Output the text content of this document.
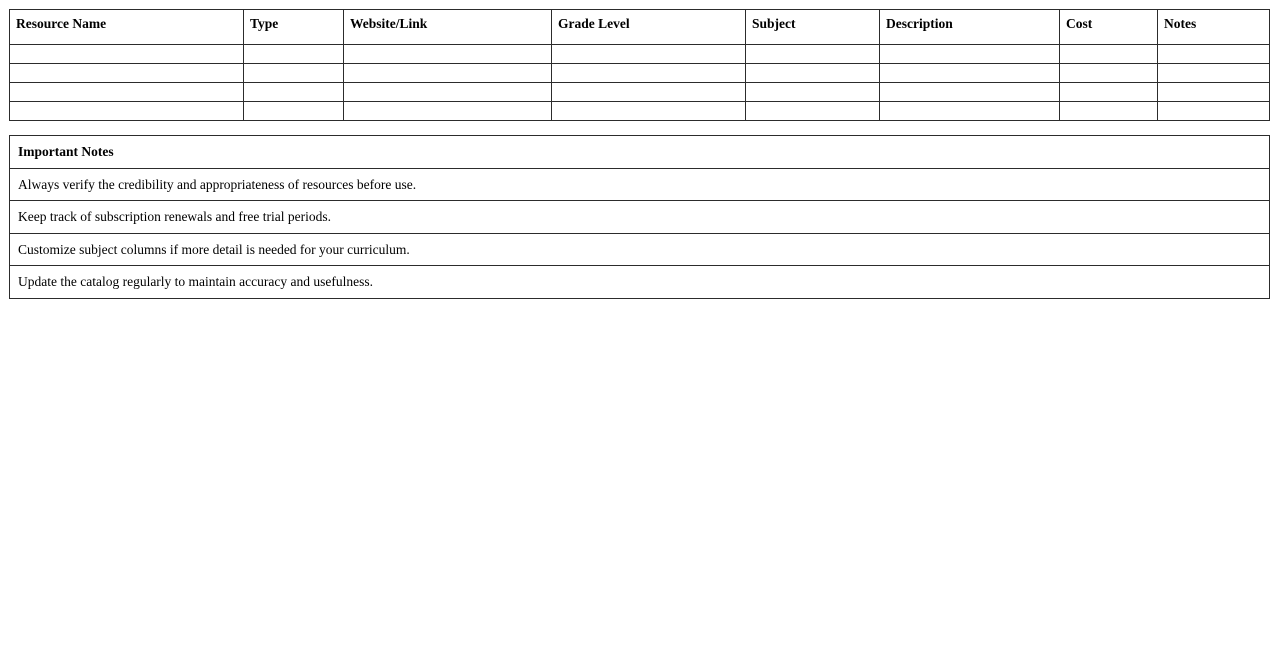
Resource Name	Type	Website/Link	Grade Level	Subject	Description	Cost	Notes

Important Notes
Always verify the credibility and appropriateness of resources before use.
Keep track of subscription renewals and free trial periods.
Customize subject columns if more detail is needed for your curriculum.
Update the catalog regularly to maintain accuracy and usefulness.
